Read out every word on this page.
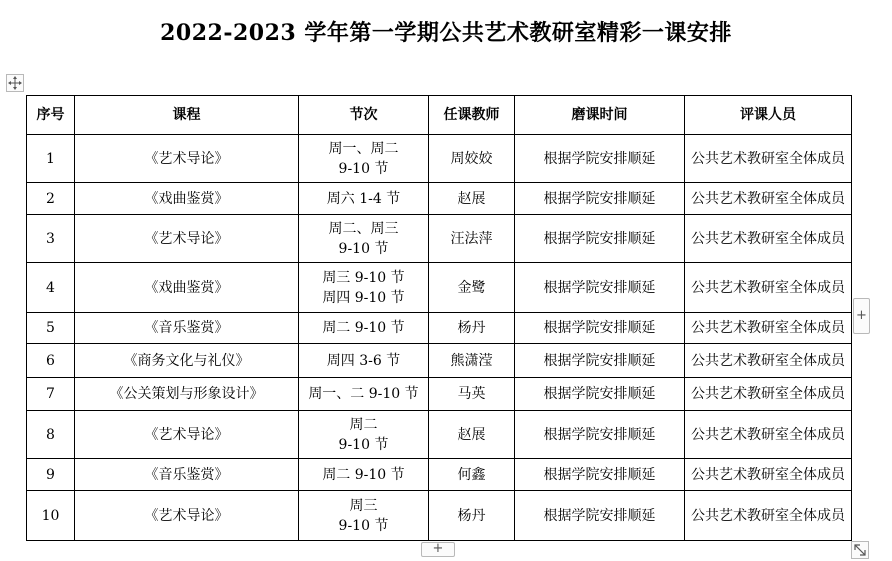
2022-2023 学年第一学期公共艺术教研室精彩一课安排
序号	课程	节次	任课教师	磨课时间	评课人员
1	《艺术导论》	周一、周二
9-10 节	周姣姣	根据学院安排顺延	公共艺术教研室全体成员
2	《戏曲鉴赏》	周六 1-4 节	赵展	根据学院安排顺延	公共艺术教研室全体成员
3	《艺术导论》	周二、周三
9-10 节	汪法萍	根据学院安排顺延	公共艺术教研室全体成员
4	《戏曲鉴赏》	周三 9-10 节
周四 9-10 节	金鹭	根据学院安排顺延	公共艺术教研室全体成员
5	《音乐鉴赏》	周二 9-10 节	杨丹	根据学院安排顺延	公共艺术教研室全体成员
6	《商务文化与礼仪》	周四 3-6 节	熊潇滢	根据学院安排顺延	公共艺术教研室全体成员
7	《公关策划与形象设计》	周一、二 9-10 节	马英	根据学院安排顺延	公共艺术教研室全体成员
8	《艺术导论》	周二
9-10 节	赵展	根据学院安排顺延	公共艺术教研室全体成员
9	《音乐鉴赏》	周二 9-10 节	何鑫	根据学院安排顺延	公共艺术教研室全体成员
10	《艺术导论》	周三
9-10 节	杨丹	根据学院安排顺延	公共艺术教研室全体成员
+
+
